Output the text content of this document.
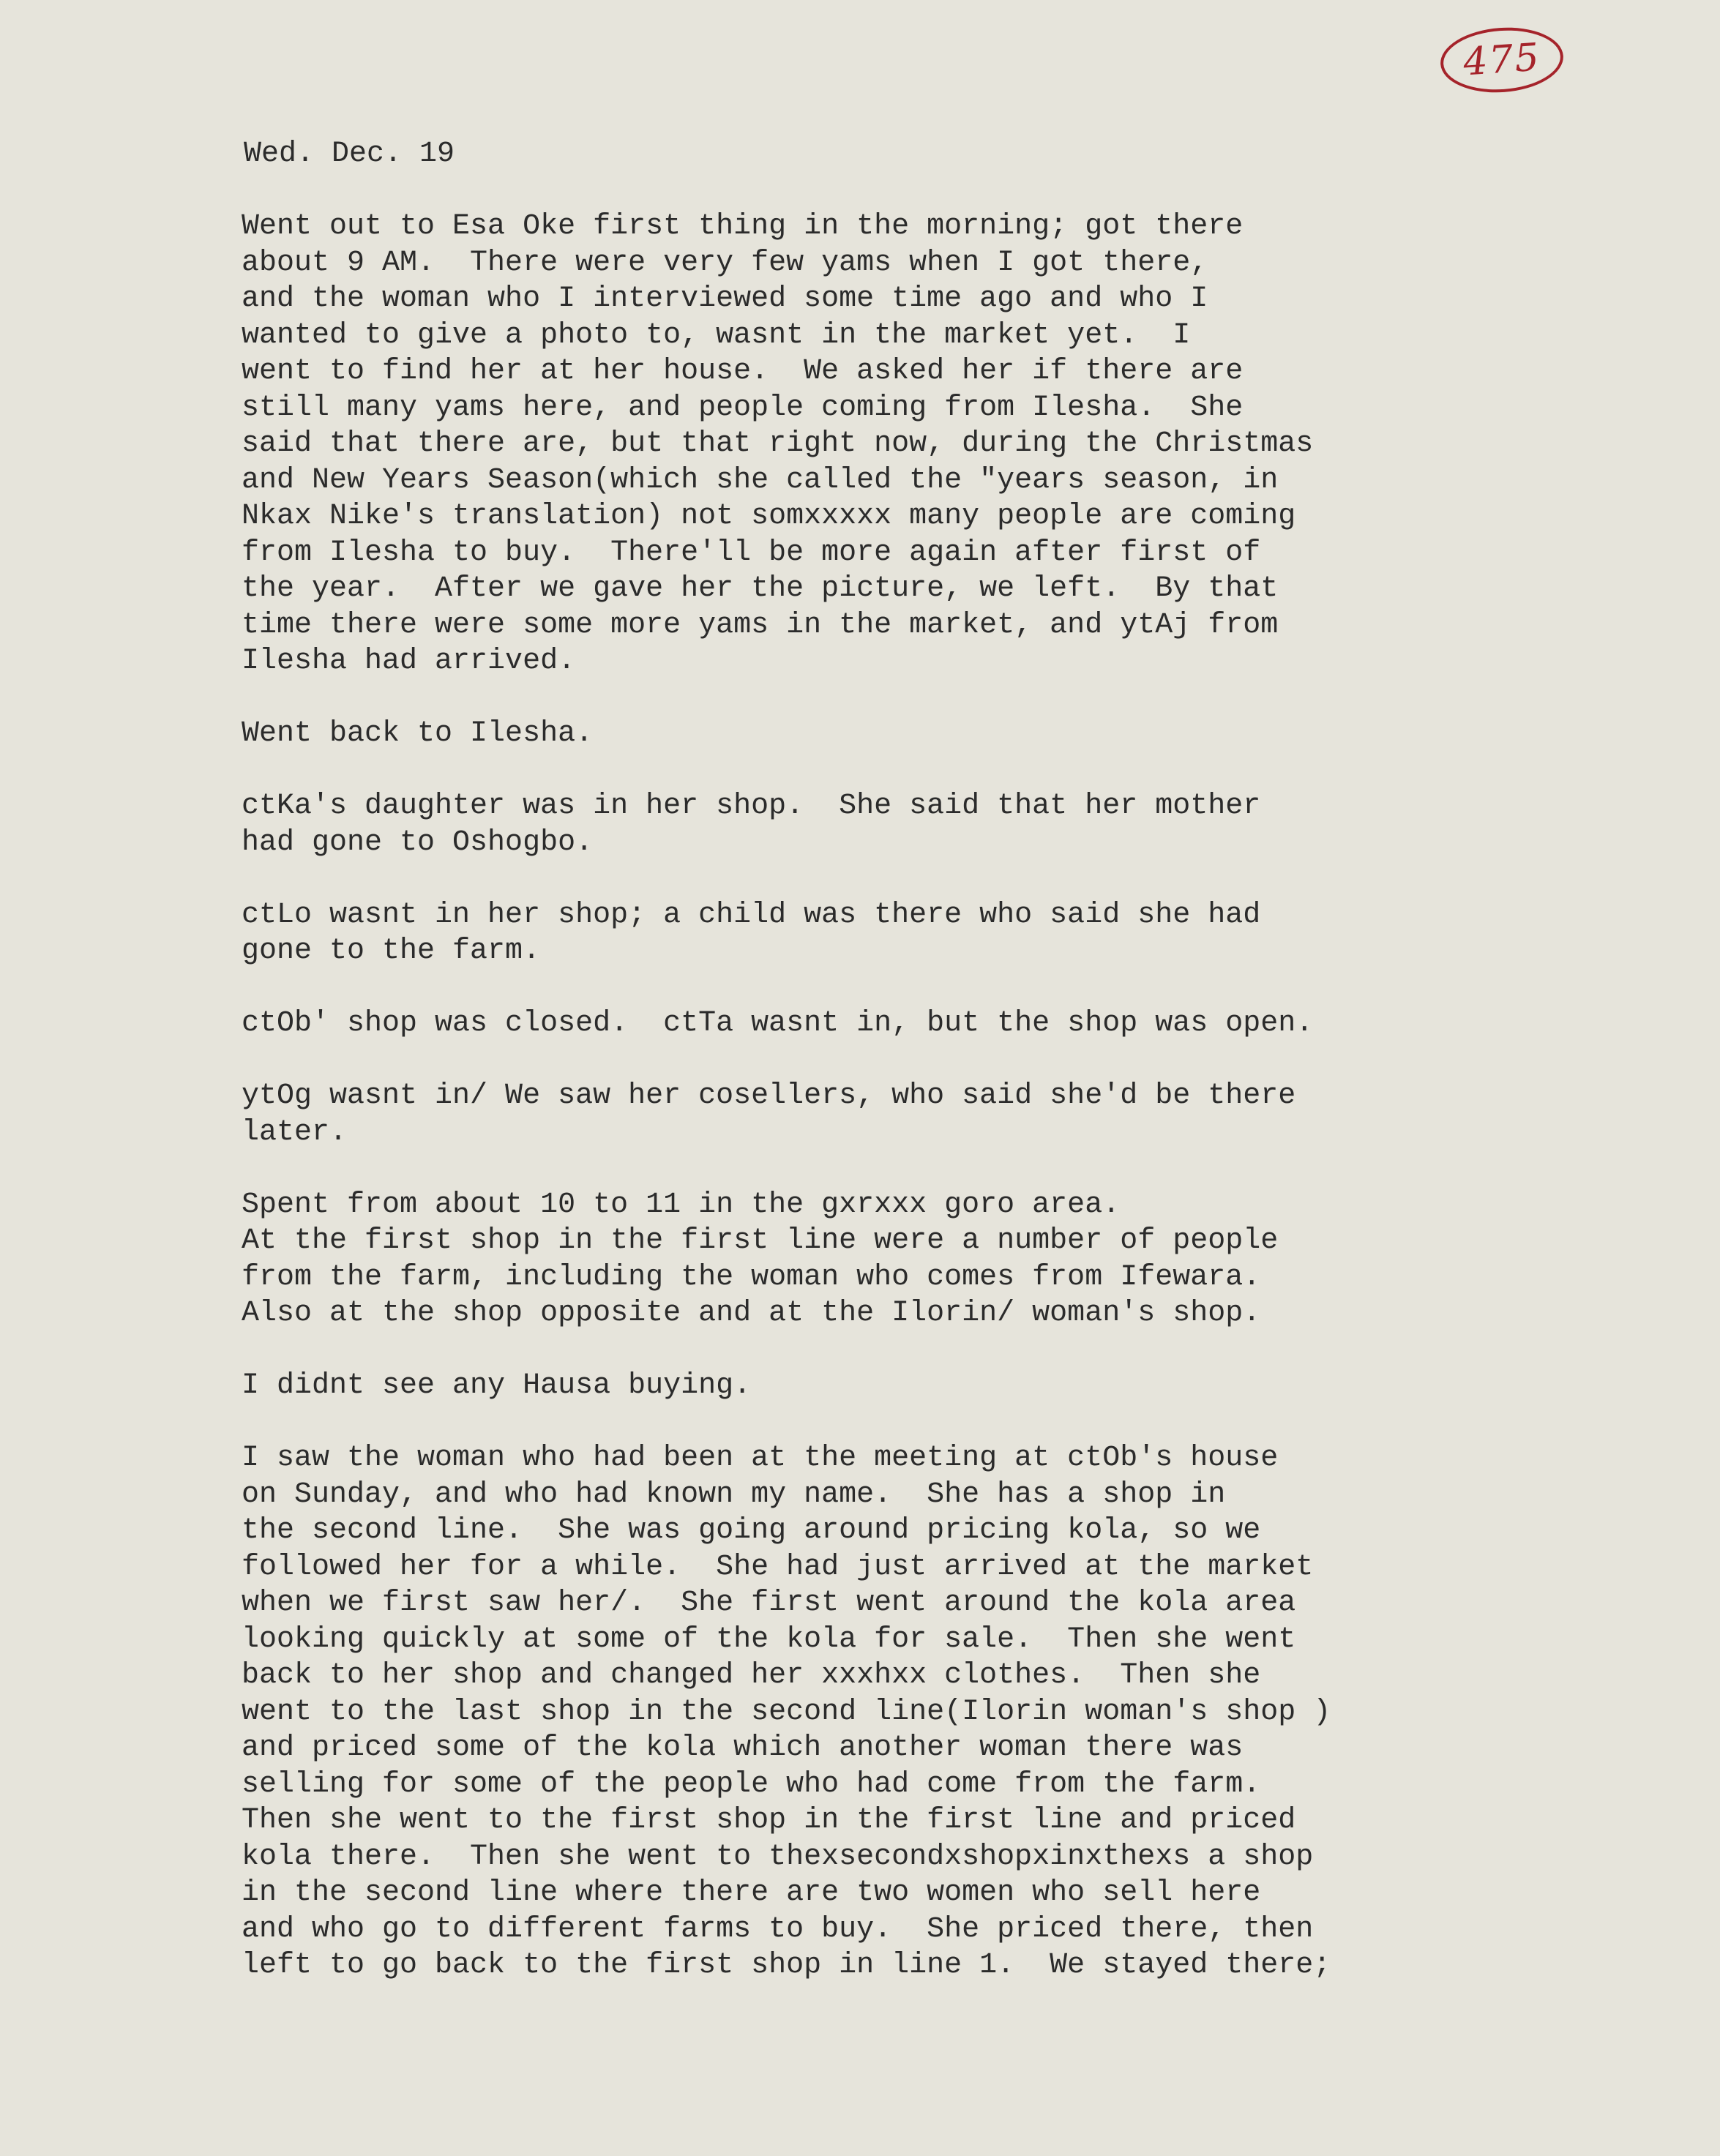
475
Wed. Dec. 19
Went out to Esa Oke first thing in the morning; got there
about 9 AM.  There were very few yams when I got there,
and the woman who I interviewed some time ago and who I
wanted to give a photo to, wasnt in the market yet.  I
went to find her at her house.  We asked her if there are
still many yams here, and people coming from Ilesha.  She
said that there are, but that right now, during the Christmas
and New Years Season(which she called the "years season, in
Nkax Nike's translation) not somxxxxx many people are coming
from Ilesha to buy.  There'll be more again after first of
the year.  After we gave her the picture, we left.  By that
time there were some more yams in the market, and ytAj from
Ilesha had arrived.
Went back to Ilesha.
ctKa's daughter was in her shop.  She said that her mother
had gone to Oshogbo.
ctLo wasnt in her shop; a child was there who said she had
gone to the farm.
ctOb' shop was closed.  ctTa wasnt in, but the shop was open.
ytOg wasnt in/ We saw her cosellers, who said she'd be there
later.
Spent from about 10 to 11 in the gxrxxx goro area.
At the first shop in the first line were a number of people
from the farm, including the woman who comes from Ifewara.
Also at the shop opposite and at the Ilorin/ woman's shop.
I didnt see any Hausa buying.
I saw the woman who had been at the meeting at ctOb's house
on Sunday, and who had known my name.  She has a shop in
the second line.  She was going around pricing kola, so we
followed her for a while.  She had just arrived at the market
when we first saw her/.  She first went around the kola area
looking quickly at some of the kola for sale.  Then she went
back to her shop and changed her xxxhxx clothes.  Then she
went to the last shop in the second line(Ilorin woman's shop )
and priced some of the kola which another woman there was
selling for some of the people who had come from the farm.
Then she went to the first shop in the first line and priced
kola there.  Then she went to thexsecondxshopxinxthexs a shop
in the second line where there are two women who sell here
and who go to different farms to buy.  She priced there, then
left to go back to the first shop in line 1.  We stayed there;
